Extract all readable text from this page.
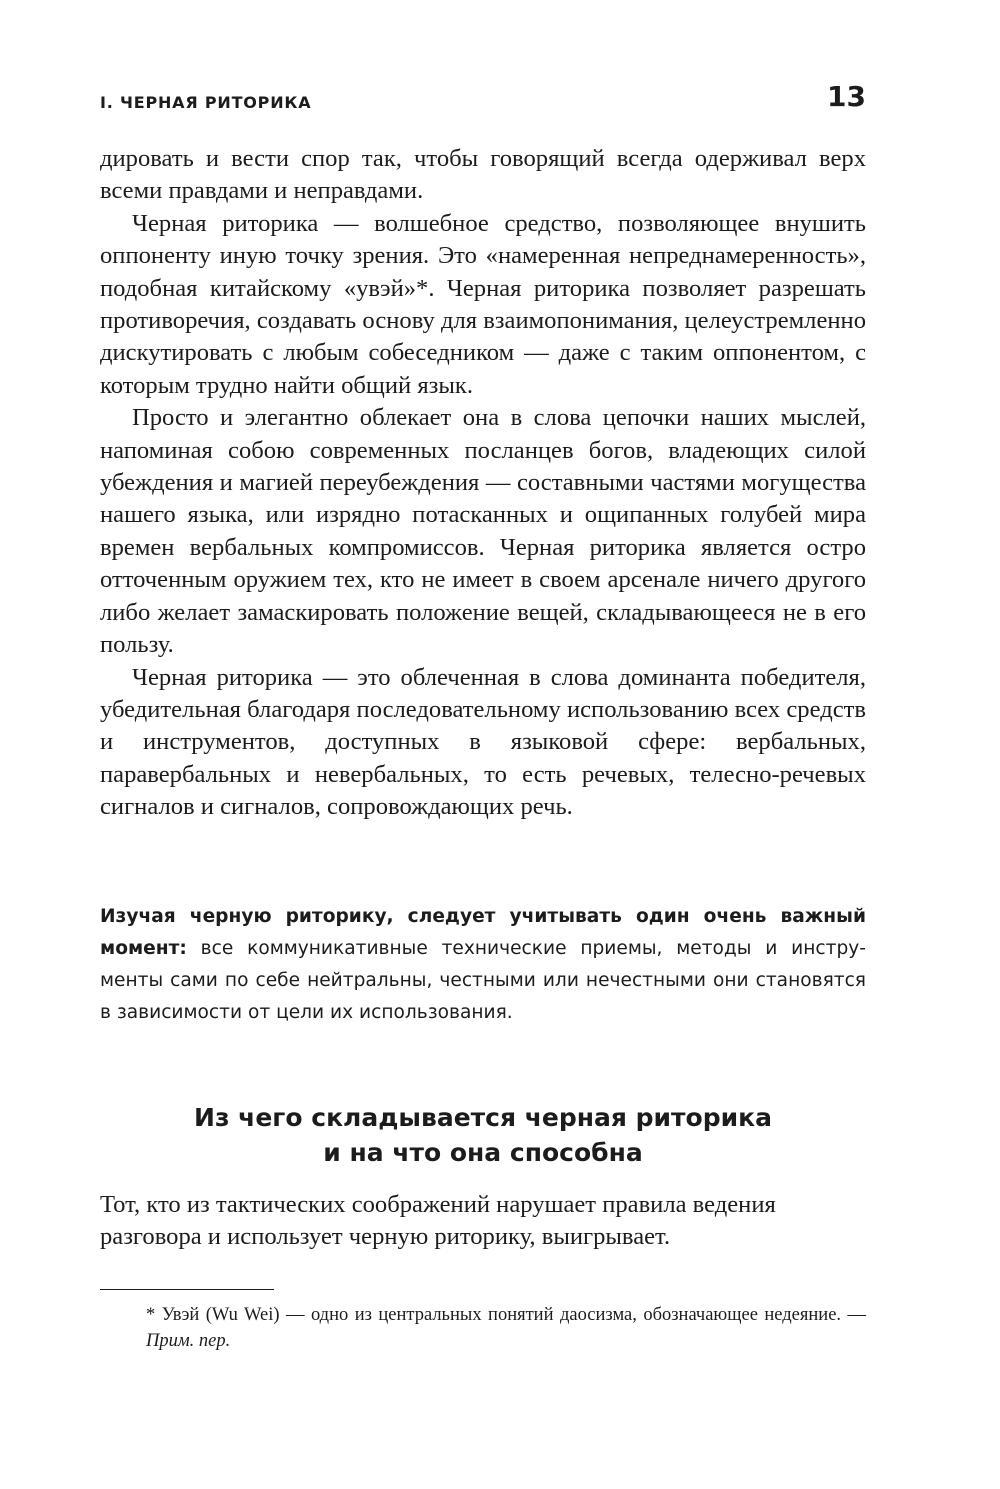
I. ЧЕРНАЯ РИТОРИКА	13

дировать и вести спор так, чтобы говорящий всегда одерживал верх всеми правдами и неправдами.

Черная риторика — волшебное средство, позволяющее внушить оппоненту иную точку зрения. Это «намеренная непреднамеренность», подобная китайскому «увэй»*. Черная риторика позволяет разрешать противоречия, создавать основу для взаимопонимания, целеустремленно дискутировать с любым собеседником — даже с таким оппонентом, с которым трудно найти общий язык.

Просто и элегантно облекает она в слова цепочки наших мыслей, напоминая собою современных посланцев богов, владеющих силой убеждения и магией переубеждения — составными частями могущества нашего языка, или изрядно потасканных и ощипанных голубей мира времен вербальных компромиссов. Черная риторика является остро отточенным оружием тех, кто не имеет в своем арсенале ничего другого либо желает замаскировать положение вещей, складывающееся не в его пользу.

Черная риторика — это облеченная в слова доминанта победителя, убедительная благодаря последовательному использованию всех средств и инструментов, доступных в языковой сфере: вербальных, паравербальных и невербальных, то есть речевых, телесно-речевых сигналов и сигналов, сопровождающих речь.

Изучая черную риторику, следует учитывать один очень важный момент: все коммуникативные технические приемы, методы и инструменты сами по себе нейтральны, честными или нечестными они становятся в зависимости от цели их использования.
Из чего складывается черная риторика
и на что она способна
Тот, кто из тактических соображений нарушает правила ведения разговора и использует черную риторику, выигрывает.
* Увэй (Wu Wei) — одно из центральных понятий даосизма, обозначающее недеяние. — Прим. пер.
